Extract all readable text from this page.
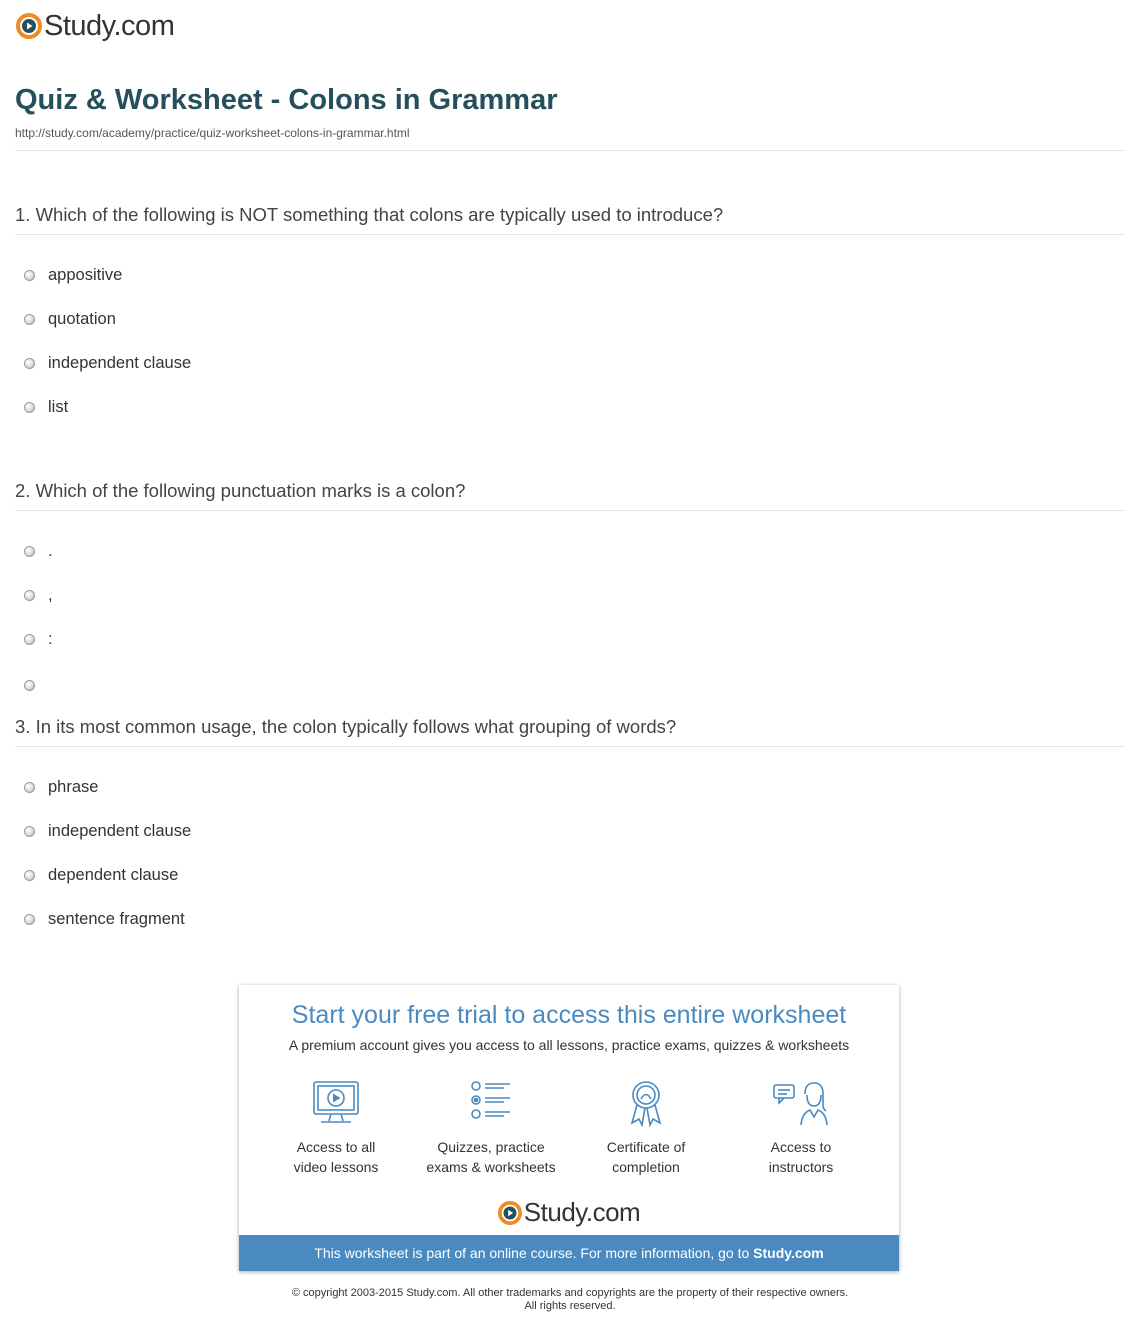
Study.com
Quiz & Worksheet - Colons in Grammar
http://study.com/academy/practice/quiz-worksheet-colons-in-grammar.html
1. Which of the following is NOT something that colons are typically used to introduce?
appositive
quotation
independent clause
list
2. Which of the following punctuation marks is a colon?
.
,
:
3. In its most common usage, the colon typically follows what grouping of words?
phrase
independent clause
dependent clause
sentence fragment
Start your free trial to access this entire worksheet
A premium account gives you access to all lessons, practice exams, quizzes & worksheets
Access to all
video lessons
Quizzes, practice
exams & worksheets
Certificate of
completion
Access to
instructors
Study.com
This worksheet is part of an online course. For more information, go to Study.com
© copyright 2003-2015 Study.com. All other trademarks and copyrights are the property of their respective owners.
All rights reserved.
